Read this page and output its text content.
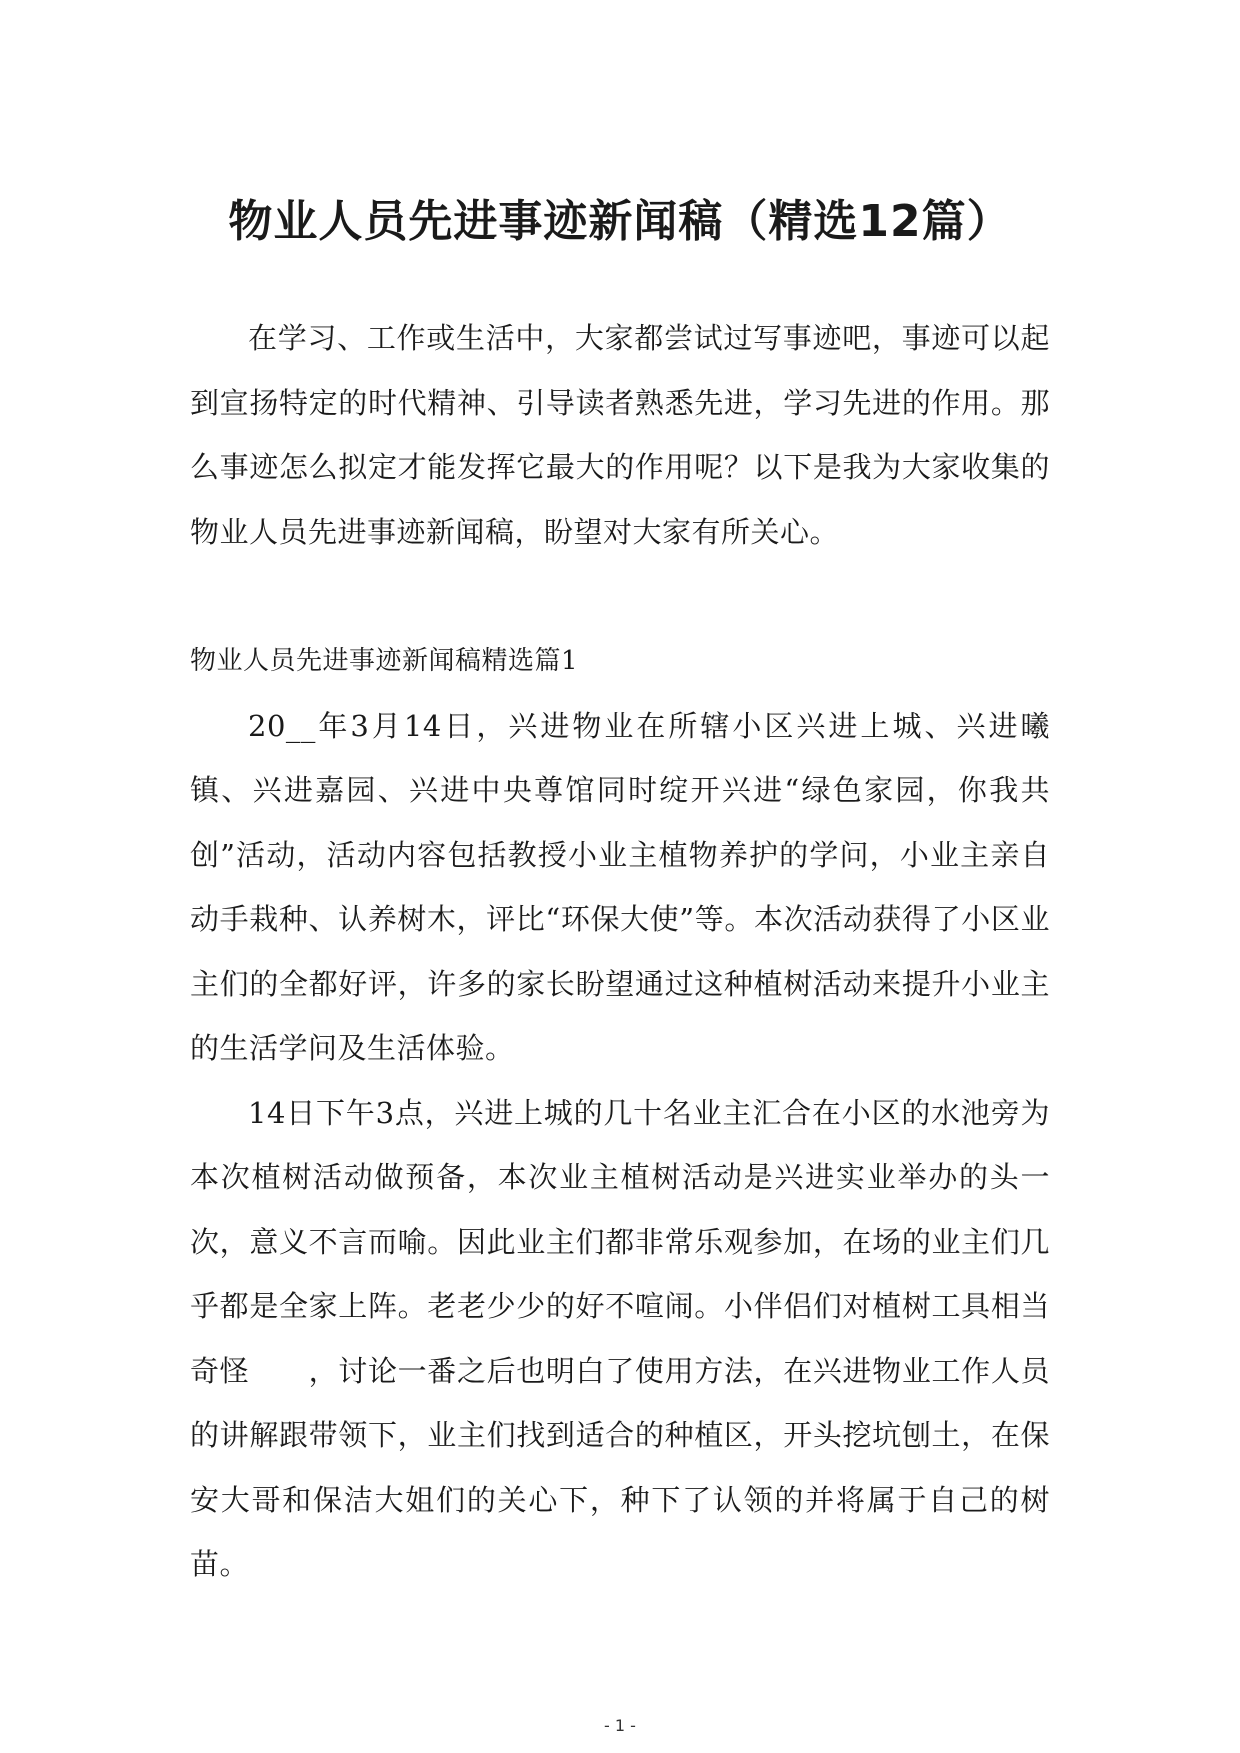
物业人员先进事迹新闻稿（精选12篇）

在学习、工作或生活中，大家都尝试过写事迹吧，事迹可以起到宣扬特定的时代精神、引导读者熟悉先进，学习先进的作用。那么事迹怎么拟定才能发挥它最大的作用呢？以下是我为大家收集的物业人员先进事迹新闻稿，盼望对大家有所关心。

物业人员先进事迹新闻稿精选篇1

20__年3月14日，兴进物业在所辖小区兴进上城、兴进曦镇、兴进嘉园、兴进中央尊馆同时绽开兴进“绿色家园，你我共创”活动，活动内容包括教授小业主植物养护的学问，小业主亲自动手栽种、认养树木，评比“环保大使”等。本次活动获得了小区业主们的全都好评，许多的家长盼望通过这种植树活动来提升小业主的生活学问及生活体验。

14日下午3点，兴进上城的几十名业主汇合在小区的水池旁为本次植树活动做预备，本次业主植树活动是兴进实业举办的头一次，意义不言而喻。因此业主们都非常乐观参加，在场的业主们几乎都是全家上阵。老老少少的好不喧闹。小伴侣们对植树工具相当奇怪　　，讨论一番之后也明白了使用方法，在兴进物业工作人员的讲解跟带领下，业主们找到适合的种植区，开头挖坑刨土，在保安大哥和保洁大姐们的关心下，种下了认领的并将属于自己的树苗。

- 1 -
